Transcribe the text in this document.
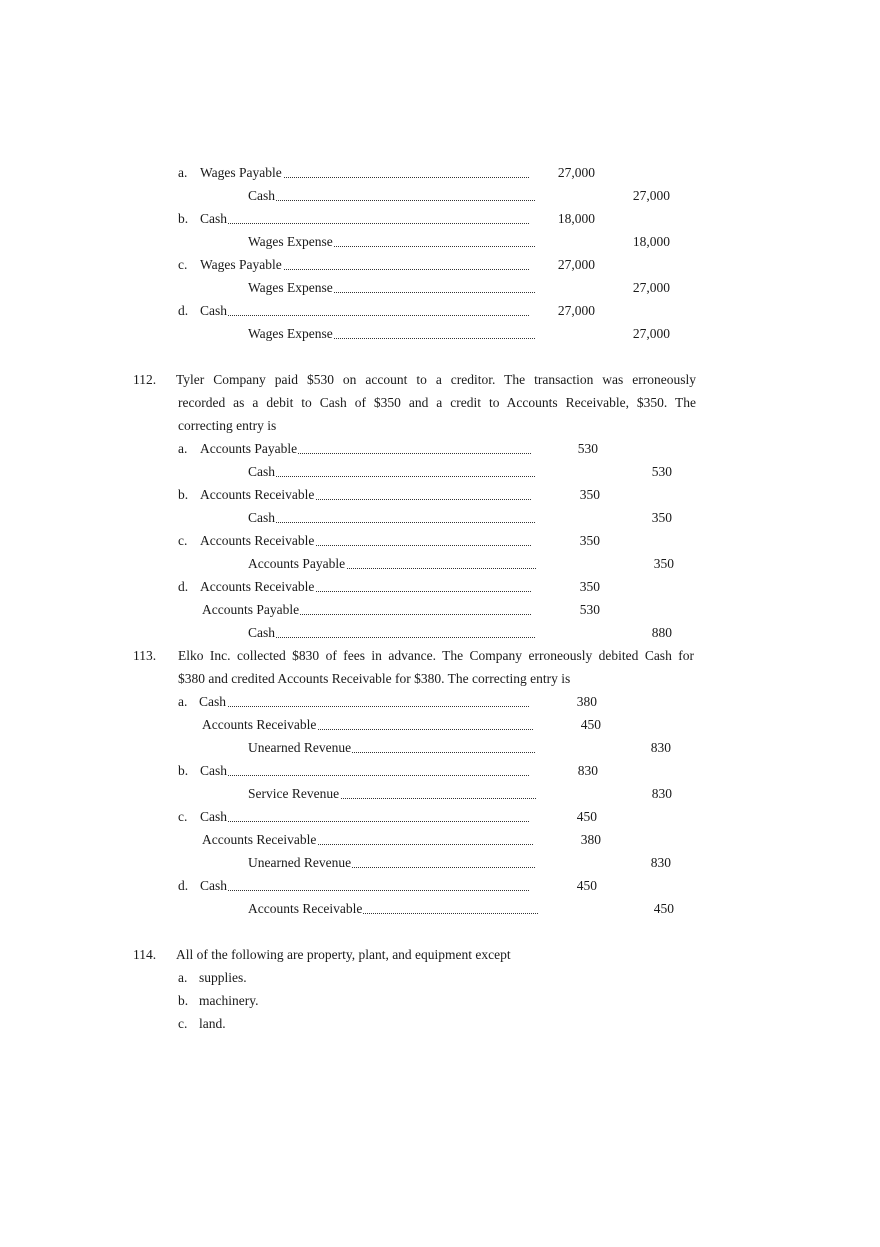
a. Wages Payable	27,000
Cash	27,000
b. Cash	18,000
Wages Expense	18,000
c. Wages Payable	27,000
Wages Expense	27,000
d. Cash	27,000
Wages Expense	27,000
112. Tyler Company paid $530 on account to a creditor. The transaction was erroneously
recorded as a debit to Cash of $350 and a credit to Accounts Receivable, $350. The
correcting entry is
a. Accounts Payable	530
Cash	530
b. Accounts Receivable	350
Cash	350
c. Accounts Receivable	350
Accounts Payable	350
d. Accounts Receivable	350
Accounts Payable	530
Cash	880
113. Elko Inc. collected $830 of fees in advance. The Company erroneously debited Cash for
$380 and credited Accounts Receivable for $380. The correcting entry is
a. Cash	380
Accounts Receivable	450
Unearned Revenue	830
b. Cash	830
Service Revenue	830
c. Cash	450
Accounts Receivable	380
Unearned Revenue	830
d. Cash	450
Accounts Receivable	450
114. All of the following are property, plant, and equipment except
a. supplies.
b. machinery.
c. land.
